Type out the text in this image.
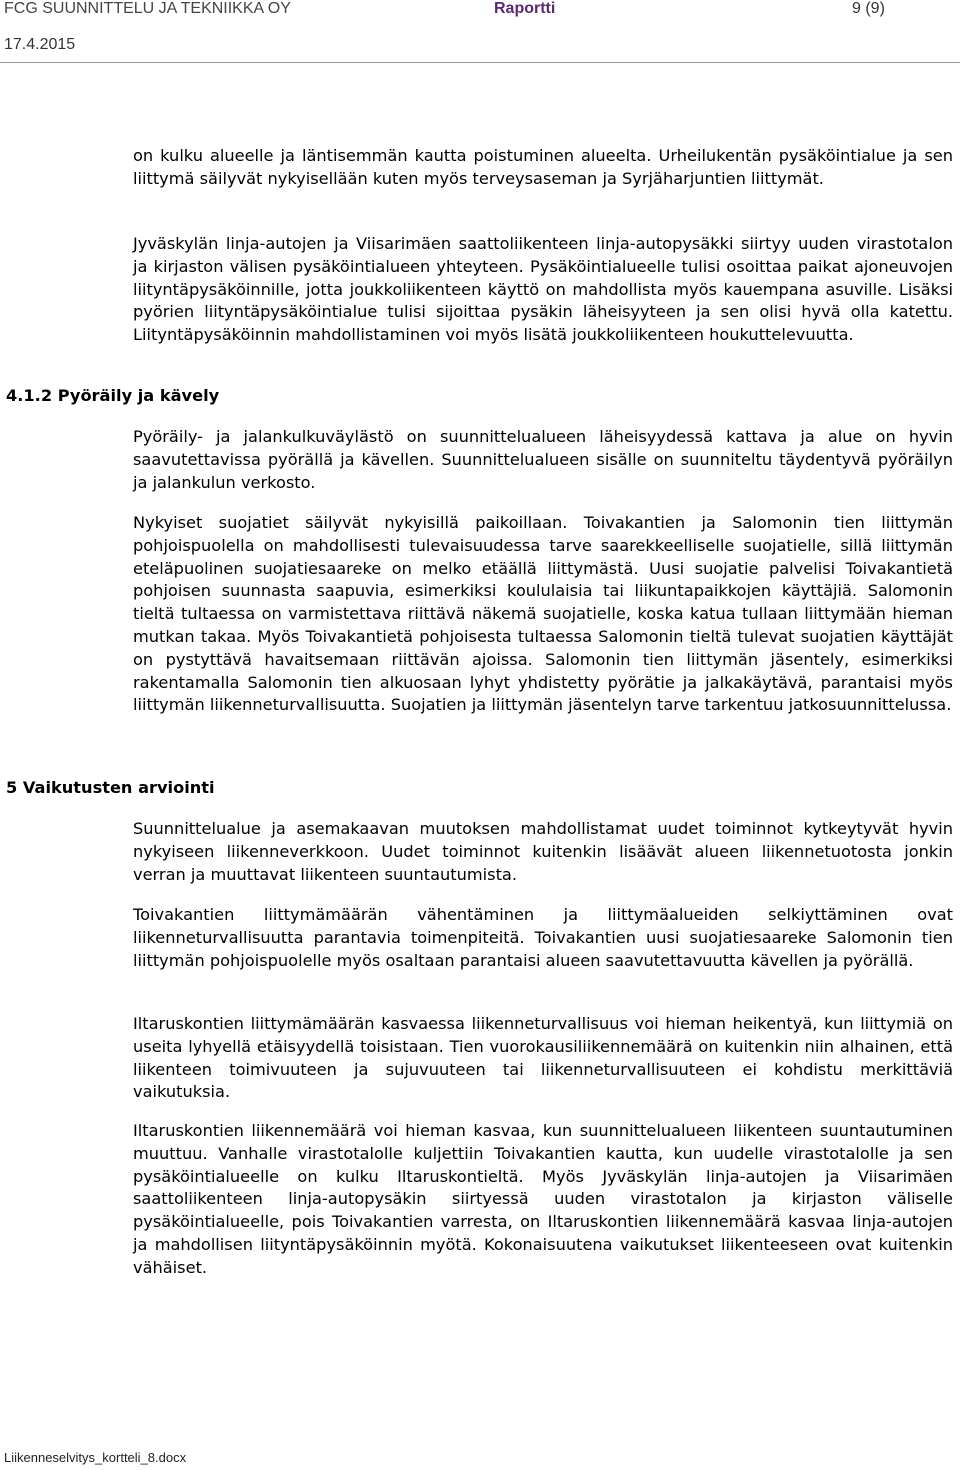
FCG SUUNNITTELU JA TEKNIIKKA OY	Raportti	9 (9)
17.4.2015

on kulku alueelle ja läntisemmän kautta poistuminen alueelta. Urheilukentän pysäköintialue ja sen liittymä säilyvät nykyisellään kuten myös terveysaseman ja Syrjäharjuntien liittymät.

Jyväskylän linja-autojen ja Viisarimäen saattoliikenteen linja-autopysäkki siirtyy uuden virastotalon ja kirjaston välisen pysäköintialueen yhteyteen. Pysäköintialueelle tulisi osoittaa paikat ajoneuvojen liityntäpysäköinnille, jotta joukkoliikenteen käyttö on mahdollista myös kauempana asuville. Lisäksi pyörien liityntäpysäköintialue tulisi sijoittaa pysäkin läheisyyteen ja sen olisi hyvä olla katettu. Liityntäpysäköinnin mahdollistaminen voi myös lisätä joukkoliikenteen houkuttelevuutta.

4.1.2 Pyöräily ja kävely

Pyöräily- ja jalankulkuväylästö on suunnittelualueen läheisyydessä kattava ja alue on hyvin saavutettavissa pyörällä ja kävellen. Suunnittelualueen sisälle on suunniteltu täydentyvä pyöräilyn ja jalankulun verkosto.

Nykyiset suojatiet säilyvät nykyisillä paikoillaan. Toivakantien ja Salomonin tien liittymän pohjoispuolella on mahdollisesti tulevaisuudessa tarve saarekkeelliselle suojatielle, sillä liittymän eteläpuolinen suojatiesaareke on melko etäällä liittymästä. Uusi suojatie palvelisi Toivakantietä pohjoisen suunnasta saapuvia, esimerkiksi koululaisia tai liikuntapaikkojen käyttäjiä. Salomonin tieltä tultaessa on varmistettava riittävä näkemä suojatielle, koska katua tullaan liittymään hieman mutkan takaa. Myös Toivakantietä pohjoisesta tultaessa Salomonin tieltä tulevat suojatien käyttäjät on pystyttävä havaitsemaan riittävän ajoissa. Salomonin tien liittymän jäsentely, esimerkiksi rakentamalla Salomonin tien alkuosaan lyhyt yhdistetty pyörätie ja jalkakäytävä, parantaisi myös liittymän liikenneturvallisuutta. Suojatien ja liittymän jäsentelyn tarve tarkentuu jatkosuunnittelussa.

5 Vaikutusten arviointi

Suunnittelualue ja asemakaavan muutoksen mahdollistamat uudet toiminnot kytkeytyvät hyvin nykyiseen liikenneverkkoon. Uudet toiminnot kuitenkin lisäävät alueen liikennetuotosta jonkin verran ja muuttavat liikenteen suuntautumista.

Toivakantien liittymämäärän vähentäminen ja liittymäalueiden selkiyttäminen ovat liikenneturvallisuutta parantavia toimenpiteitä. Toivakantien uusi suojatiesaareke Salomonin tien liittymän pohjoispuolelle myös osaltaan parantaisi alueen saavutettavuutta kävellen ja pyörällä.

Iltaruskontien liittymämäärän kasvaessa liikenneturvallisuus voi hieman heikentyä, kun liittymiä on useita lyhyellä etäisyydellä toisistaan. Tien vuorokausiliikennemäärä on kuitenkin niin alhainen, että liikenteen toimivuuteen ja sujuvuuteen tai liikenneturvallisuuteen ei kohdistu merkittäviä vaikutuksia.

Iltaruskontien liikennemäärä voi hieman kasvaa, kun suunnittelualueen liikenteen suuntautuminen muuttuu. Vanhalle virastotalolle kuljettiin Toivakantien kautta, kun uudelle virastotalolle ja sen pysäköintialueelle on kulku Iltaruskontieltä. Myös Jyväskylän linja-autojen ja Viisarimäen saattoliikenteen linja-autopysäkin siirtyessä uuden virastotalon ja kirjaston väliselle pysäköintialueelle, pois Toivakantien varresta, on Iltaruskontien liikennemäärä kasvaa linja-autojen ja mahdollisen liityntäpysäköinnin myötä. Kokonaisuutena vaikutukset liikenteeseen ovat kuitenkin vähäiset.

Liikenneselvitys_kortteli_8.docx
